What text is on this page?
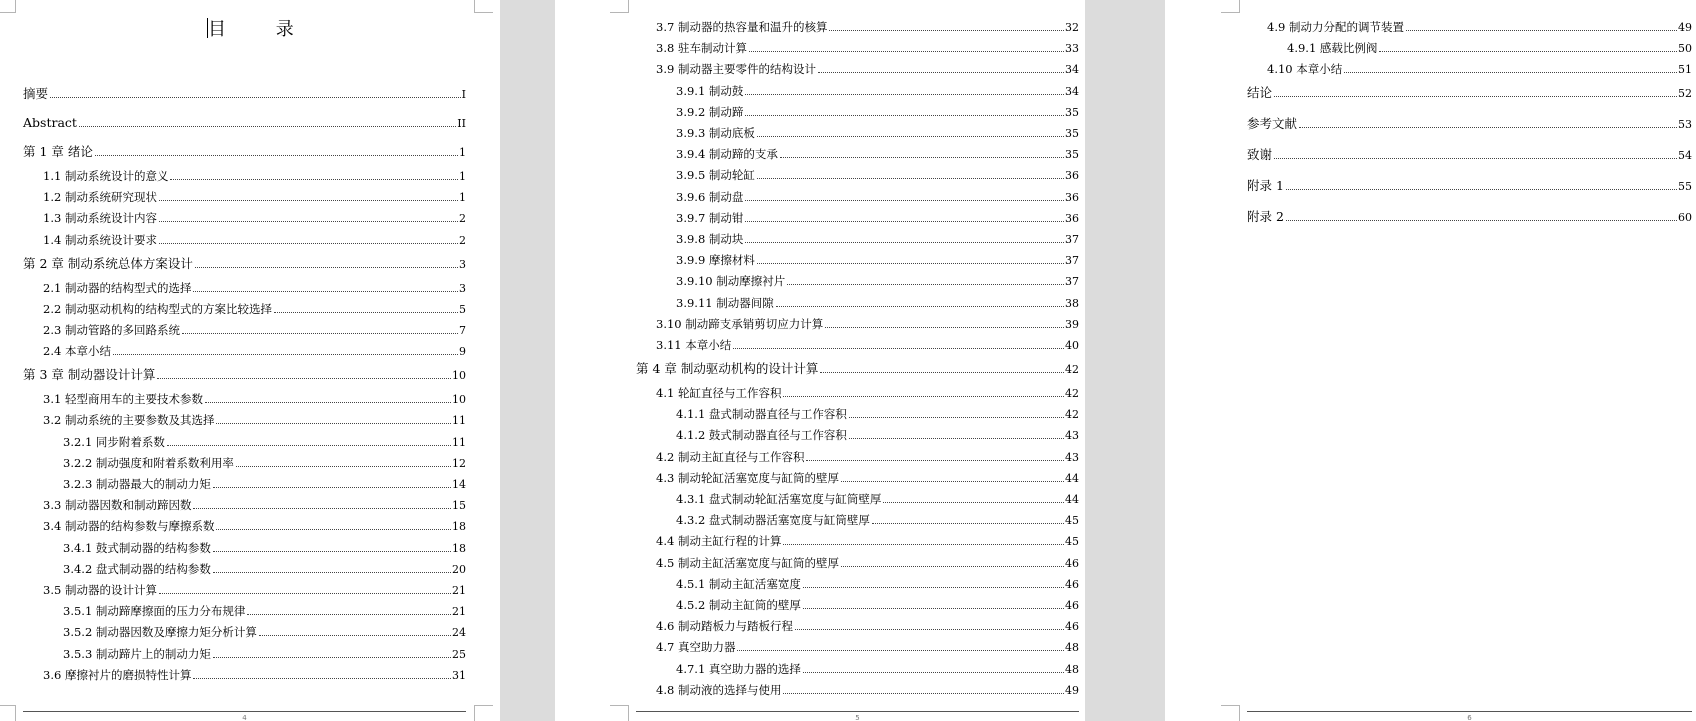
4
目 录
摘要	I
Abstract	II
第 1 章 绪论	1
1.1 制动系统设计的意义	1
1.2 制动系统研究现状	1
1.3 制动系统设计内容	2
1.4 制动系统设计要求	2
第 2 章 制动系统总体方案设计	3
2.1 制动器的结构型式的选择	3
2.2 制动驱动机构的结构型式的方案比较选择	5
2.3 制动管路的多回路系统	7
2.4 本章小结	9
第 3 章 制动器设计计算	10
3.1 轻型商用车的主要技术参数	10
3.2 制动系统的主要参数及其选择	11
3.2.1 同步附着系数	11
3.2.2 制动强度和附着系数利用率	12
3.2.3 制动器最大的制动力矩	14
3.3 制动器因数和制动蹄因数	15
3.4 制动器的结构参数与摩擦系数	18
3.4.1 鼓式制动器的结构参数	18
3.4.2 盘式制动器的结构参数	20
3.5 制动器的设计计算	21
3.5.1 制动蹄摩擦面的压力分布规律	21
3.5.2 制动器因数及摩擦力矩分析计算	24
3.5.3 制动蹄片上的制动力矩	25
3.6 摩擦衬片的磨损特性计算	31
5
3.7 制动器的热容量和温升的核算	32
3.8 驻车制动计算	33
3.9 制动器主要零件的结构设计	34
3.9.1 制动鼓	34
3.9.2 制动蹄	35
3.9.3 制动底板	35
3.9.4 制动蹄的支承	35
3.9.5 制动轮缸	36
3.9.6 制动盘	36
3.9.7 制动钳	36
3.9.8 制动块	37
3.9.9 摩擦材料	37
3.9.10 制动摩擦衬片	37
3.9.11 制动器间隙	38
3.10 制动蹄支承销剪切应力计算	39
3.11 本章小结	40
第 4 章 制动驱动机构的设计计算	42
4.1 轮缸直径与工作容积	42
4.1.1 盘式制动器直径与工作容积	42
4.1.2 鼓式制动器直径与工作容积	43
4.2 制动主缸直径与工作容积	43
4.3 制动轮缸活塞宽度与缸筒的壁厚	44
4.3.1 盘式制动轮缸活塞宽度与缸筒壁厚	44
4.3.2 盘式制动器活塞宽度与缸筒壁厚	45
4.4 制动主缸行程的计算	45
4.5 制动主缸活塞宽度与缸筒的壁厚	46
4.5.1 制动主缸活塞宽度	46
4.5.2 制动主缸筒的壁厚	46
4.6 制动踏板力与踏板行程	46
4.7 真空助力器	48
4.7.1 真空助力器的选择	48
4.8 制动液的选择与使用	49
6
4.9 制动力分配的调节装置	49
4.9.1 感载比例阀	50
4.10 本章小结	51
结论	52
参考文献	53
致谢	54
附录 1	55
附录 2	60
